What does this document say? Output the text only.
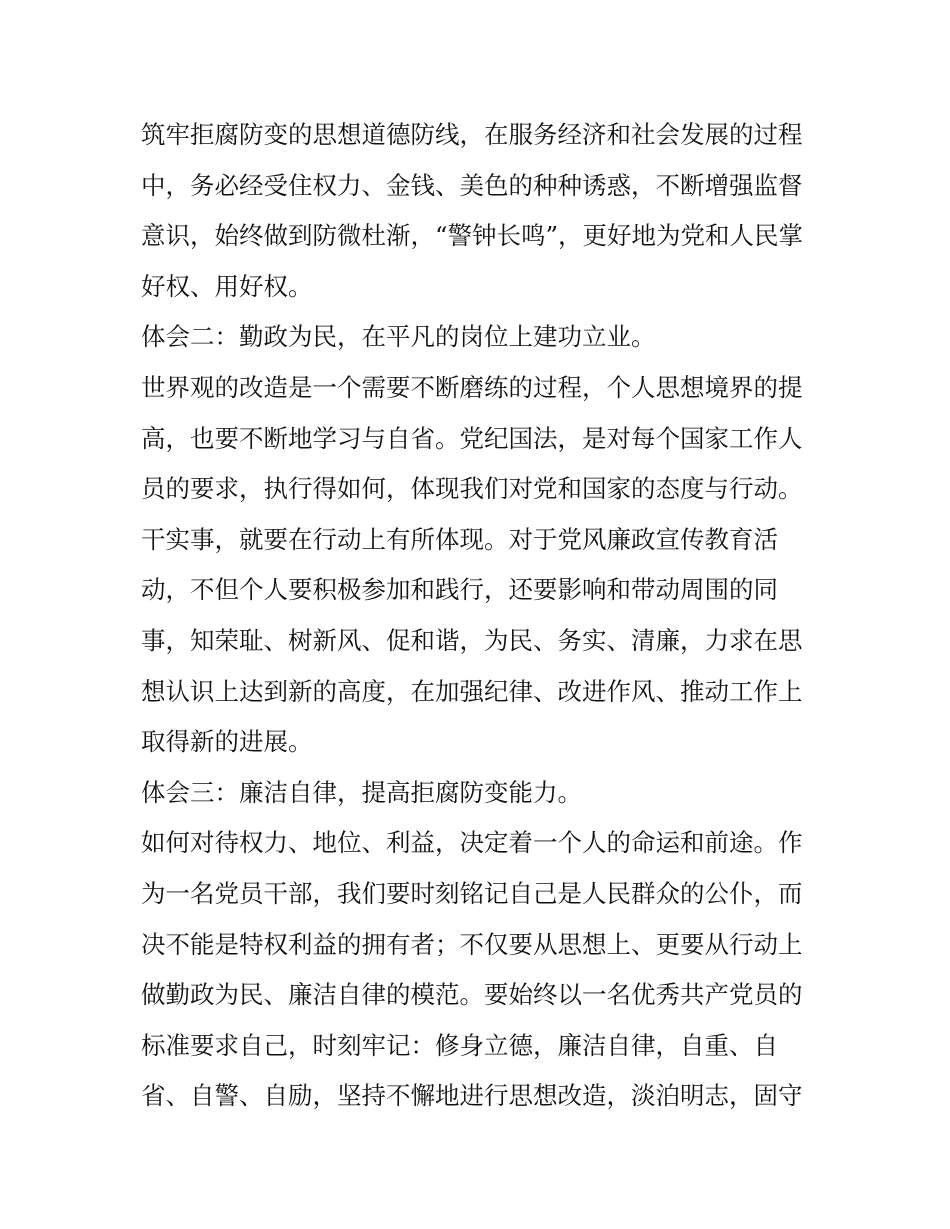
筑牢拒腐防变的思想道德防线，在服务经济和社会发展的过程
中，务必经受住权力、金钱、美色的种种诱惑，不断增强监督
意识，始终做到防微杜渐，“警钟长鸣”，更好地为党和人民掌
好权、用好权。
体会二：勤政为民，在平凡的岗位上建功立业。
世界观的改造是一个需要不断磨练的过程，个人思想境界的提
高，也要不断地学习与自省。党纪国法，是对每个国家工作人
员的要求，执行得如何，体现我们对党和国家的态度与行动。
干实事，就要在行动上有所体现。对于党风廉政宣传教育活
动，不但个人要积极参加和践行，还要影响和带动周围的同
事，知荣耻、树新风、促和谐，为民、务实、清廉，力求在思
想认识上达到新的高度，在加强纪律、改进作风、推动工作上
取得新的进展。
体会三：廉洁自律，提高拒腐防变能力。
如何对待权力、地位、利益，决定着一个人的命运和前途。作
为一名党员干部，我们要时刻铭记自己是人民群众的公仆，而
决不能是特权利益的拥有者；不仅要从思想上、更要从行动上
做勤政为民、廉洁自律的模范。要始终以一名优秀共产党员的
标准要求自己，时刻牢记：修身立德，廉洁自律，自重、自
省、自警、自励，坚持不懈地进行思想改造，淡泊明志，固守
